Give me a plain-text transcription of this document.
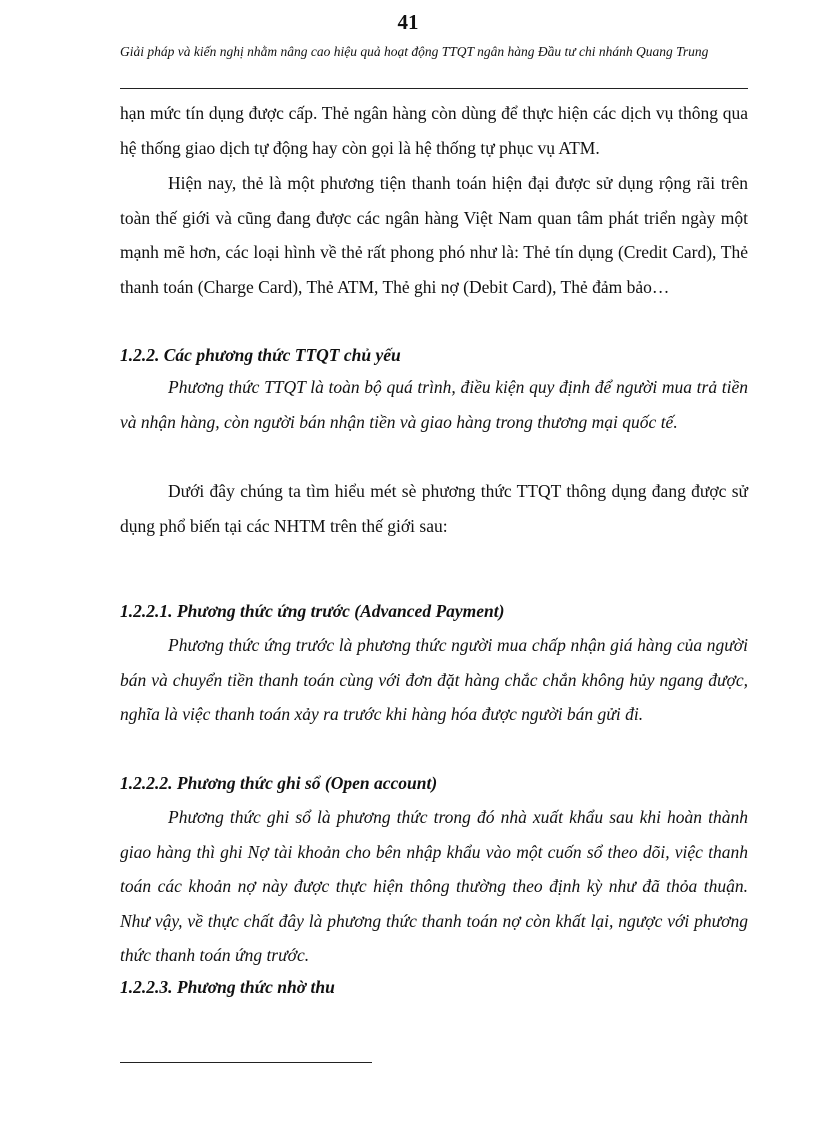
41
Giải pháp và kiến nghị nhằm nâng cao hiệu quả hoạt động TTQT ngân hàng Đầu tư chi nhánh Quang Trung

hạn mức tín dụng được cấp. Thẻ ngân hàng còn dùng để thực hiện các dịch vụ thông qua hệ thống giao dịch tự động hay còn gọi là hệ thống tự phục vụ ATM.

Hiện nay, thẻ là một phương tiện thanh toán hiện đại được sử dụng rộng rãi trên toàn thế giới và cũng đang được các ngân hàng Việt Nam quan tâm phát triển ngày một mạnh mẽ hơn, các loại hình về thẻ rất phong phó như là: Thẻ tín dụng (Credit Card), Thẻ thanh toán (Charge Card), Thẻ ATM, Thẻ ghi nợ (Debit Card), Thẻ đảm bảo…

1.2.2. Các phương thức TTQT chủ yếu

Phương thức TTQT là toàn bộ quá trình, điều kiện quy định để người mua trả tiền và nhận hàng, còn người bán nhận tiền và giao hàng trong thương mại quốc tế.

Dưới đây chúng ta tìm hiểu mét sè phương thức TTQT thông dụng đang được sử dụng phổ biến tại các NHTM trên thế giới sau:

1.2.2.1. Phương thức ứng trước (Advanced Payment)

Phương thức ứng trước là phương thức người mua chấp nhận giá hàng của người bán và chuyển tiền thanh toán cùng với đơn đặt hàng chắc chắn không hủy ngang được, nghĩa là việc thanh toán xảy ra trước khi hàng hóa được người bán gửi đi.

1.2.2.2. Phương thức ghi sổ (Open account)

Phương thức ghi sổ là phương thức trong đó nhà xuất khẩu sau khi hoàn thành giao hàng thì ghi Nợ tài khoản cho bên nhập khẩu vào một cuốn sổ theo dõi, việc thanh toán các khoản nợ này được thực hiện thông thường theo định kỳ như đã thỏa thuận. Như vậy, về thực chất đây là phương thức thanh toán nợ còn khất lại, ngược với phương thức thanh toán ứng trước.

1.2.2.3. Phương thức nhờ thu
